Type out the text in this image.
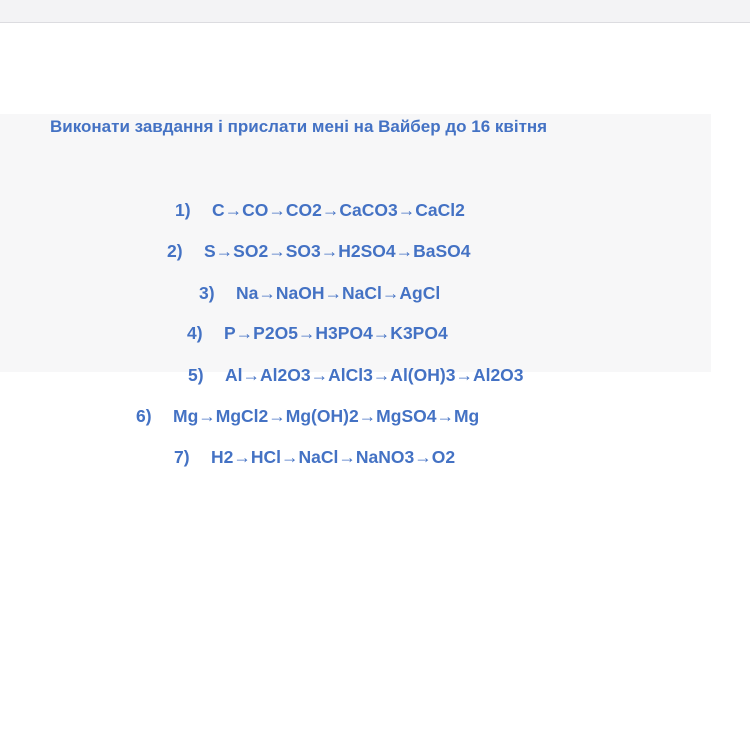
Виконати завдання і прислати мені на Вайбер до 16 квітня
1) C→CO→CO2→CaCO3→CaCl2
2) S→SO2→SO3→H2SO4→BaSO4
3) Na→NaOH→NaCl→AgCl
4) P→P2O5→H3PO4→K3PO4
5) Al→Al2O3→AlCl3→Al(OH)3→Al2O3
6) Mg→MgCl2→Mg(OH)2→MgSO4→Mg
7) H2→HCl→NaCl→NaNO3→O2
